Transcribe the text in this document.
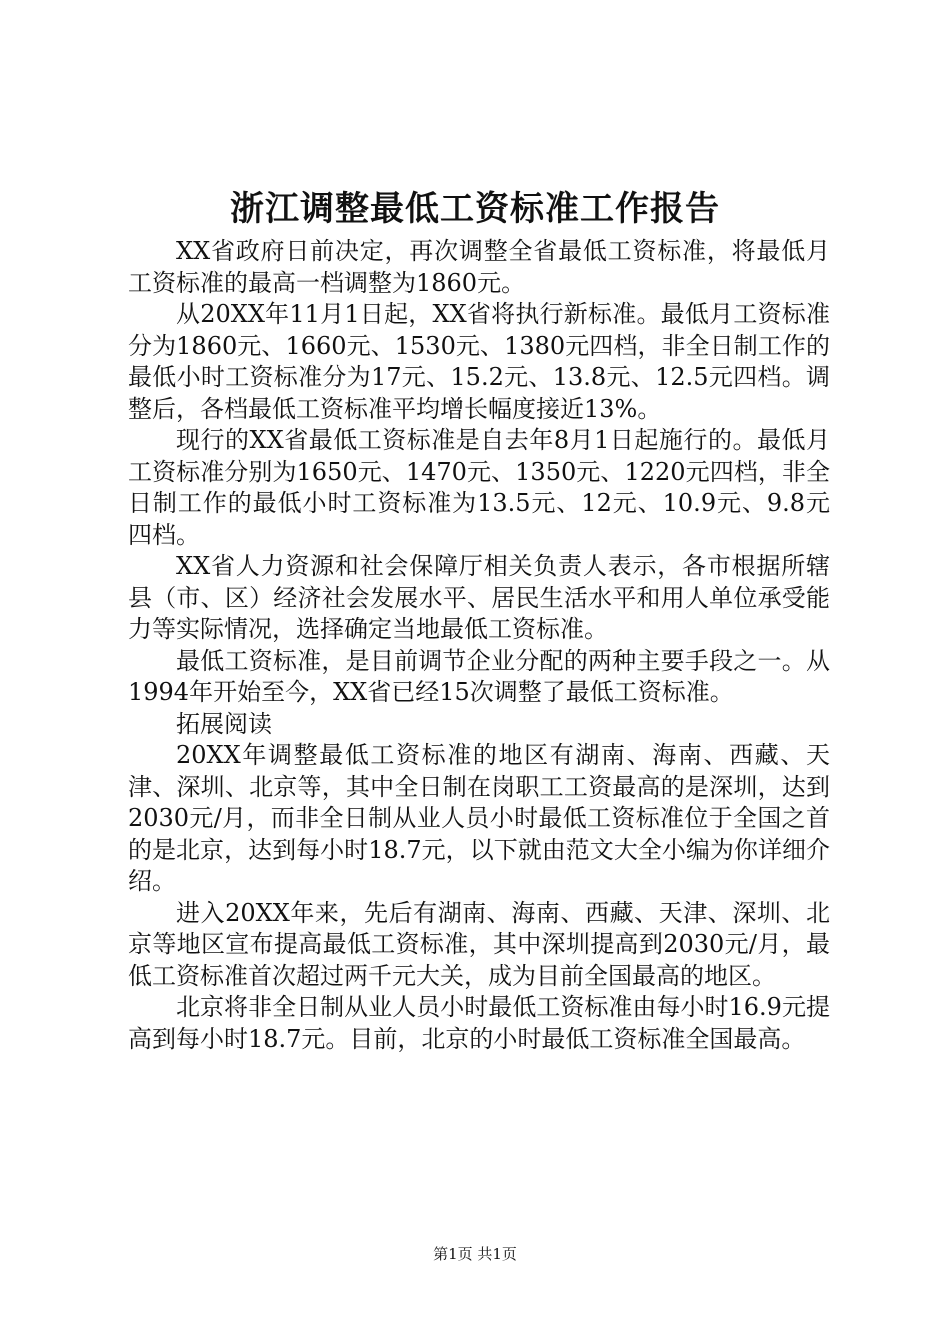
浙江调整最低工资标准工作报告

XX省政府日前决定，再次调整全省最低工资标准，将最低月工资标准的最高一档调整为1860元。

从20XX年11月1日起，XX省将执行新标准。最低月工资标准分为1860元、1660元、1530元、1380元四档，非全日制工作的最低小时工资标准分为17元、15.2元、13.8元、12.5元四档。调整后，各档最低工资标准平均增长幅度接近13%。

现行的XX省最低工资标准是自去年8月1日起施行的。最低月工资标准分别为1650元、1470元、1350元、1220元四档，非全日制工作的最低小时工资标准为13.5元、12元、10.9元、9.8元四档。

XX省人力资源和社会保障厅相关负责人表示，各市根据所辖县（市、区）经济社会发展水平、居民生活水平和用人单位承受能力等实际情况，选择确定当地最低工资标准。

最低工资标准，是目前调节企业分配的两种主要手段之一。从1994年开始至今，XX省已经15次调整了最低工资标准。

拓展阅读

20XX年调整最低工资标准的地区有湖南、海南、西藏、天津、深圳、北京等，其中全日制在岗职工工资最高的是深圳，达到2030元/月，而非全日制从业人员小时最低工资标准位于全国之首的是北京，达到每小时18.7元，以下就由范文大全小编为你详细介绍。

进入20XX年来，先后有湖南、海南、西藏、天津、深圳、北京等地区宣布提高最低工资标准，其中深圳提高到2030元/月，最低工资标准首次超过两千元大关，成为目前全国最高的地区。

北京将非全日制从业人员小时最低工资标准由每小时16.9元提高到每小时18.7元。目前，北京的小时最低工资标准全国最高。

第1页 共1页
